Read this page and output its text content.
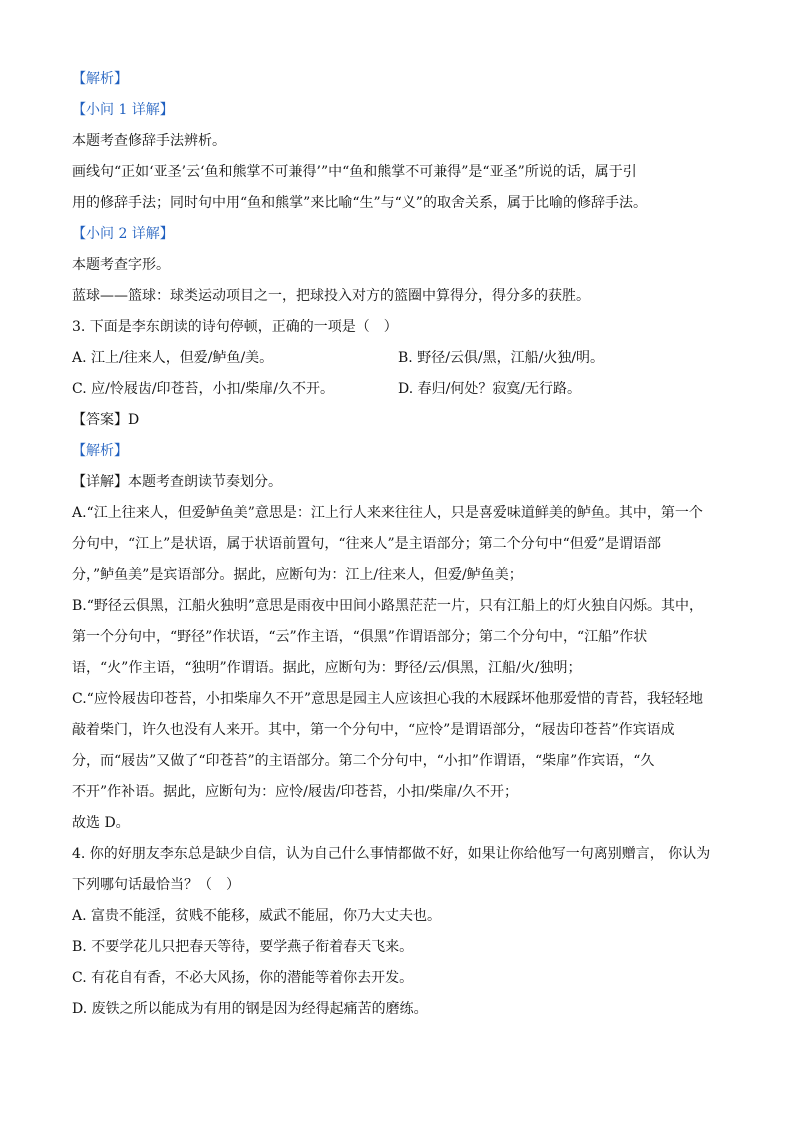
【解析】
【小问 1 详解】
本题考查修辞手法辨析。
画线句“正如‘亚圣’云‘鱼和熊掌不可兼得’”中“鱼和熊掌不可兼得”是“亚圣”所说的话，属于引
用的修辞手法；同时句中用“鱼和熊掌”来比喻“生”与“义”的取舍关系，属于比喻的修辞手法。
【小问 2 详解】
本题考查字形。
蓝球——篮球：球类运动项目之一，把球投入对方的篮圈中算得分，得分多的获胜。
3. 下面是李东朗读的诗句停顿，正确的一项是（　）
A. 江上/往来人，但爱/鲈鱼/美。	B. 野径/云俱/黑，江船/火独/明。
C. 应/怜屐齿/印苍苔，小扣/柴扉/久不开。	D. 春归/何处？寂寞/无行路。
【答案】D
【解析】
【详解】本题考查朗读节奏划分。
A.“江上往来人，但爱鲈鱼美”意思是：江上行人来来往往人，只是喜爱味道鲜美的鲈鱼。其中，第一个
分句中，“江上”是状语，属于状语前置句，“往来人”是主语部分；第二个分句中“但爱”是谓语部
分，”鲈鱼美”是宾语部分。据此，应断句为：江上/往来人，但爱/鲈鱼美；
B.“野径云俱黑，江船火独明”意思是雨夜中田间小路黑茫茫一片，只有江船上的灯火独自闪烁。其中，
第一个分句中，“野径”作状语，“云”作主语，“俱黑”作谓语部分；第二个分句中，“江船”作状
语，“火”作主语，“独明”作谓语。据此，应断句为：野径/云/俱黑，江船/火/独明；
C.“应怜屐齿印苍苔，小扣柴扉久不开”意思是园主人应该担心我的木屐踩坏他那爱惜的青苔，我轻轻地
敲着柴门，许久也没有人来开。其中，第一个分句中，“应怜”是谓语部分，“屐齿印苍苔”作宾语成
分，而“屐齿”又做了“印苍苔”的主语部分。第二个分句中，“小扣”作谓语，“柴扉”作宾语，“久
不开”作补语。据此，应断句为：应怜/屐齿/印苍苔，小扣/柴扉/久不开；
故选 D。
4. 你的好朋友李东总是缺少自信，认为自己什么事情都做不好，如果让你给他写一句离别赠言， 你认为
下列哪句话最恰当？（　）
A. 富贵不能淫，贫贱不能移，威武不能屈，你乃大丈夫也。
B. 不要学花儿只把春天等待，要学燕子衔着春天飞来。
C. 有花自有香，不必大风扬，你的潜能等着你去开发。
D. 废铁之所以能成为有用的钢是因为经得起痛苦的磨练。
